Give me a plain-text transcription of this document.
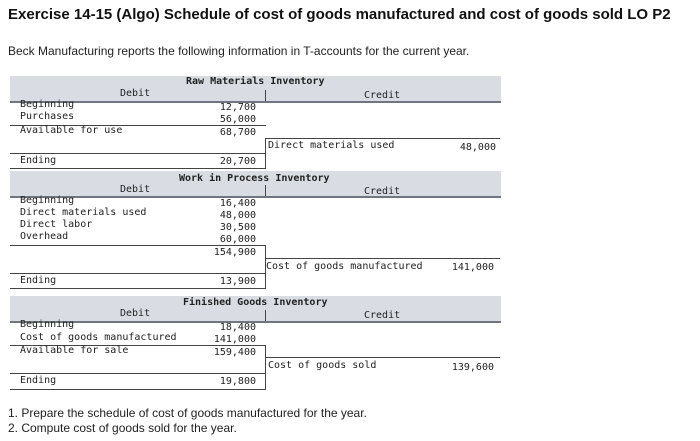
Exercise 14-15 (Algo) Schedule of cost of goods manufactured and cost of goods sold LO P2
Beck Manufacturing reports the following information in T-accounts for the current year.
Raw Materials Inventory
Debit	Credit
Beginning	12,700
Purchases	56,000
Available for use	68,700
Direct materials used	48,000
Ending	20,700
Work in Process Inventory
Debit	Credit
Beginning	16,400
Direct materials used	48,000
Direct labor	30,500
Overhead	60,000
154,900
Cost of goods manufactured	141,000
Ending	13,900
Finished Goods Inventory
Debit	Credit
Beginning	18,400
Cost of goods manufactured	141,000
Available for sale	159,400
Cost of goods sold	139,600
Ending	19,800
1. Prepare the schedule of cost of goods manufactured for the year.
2. Compute cost of goods sold for the year.
